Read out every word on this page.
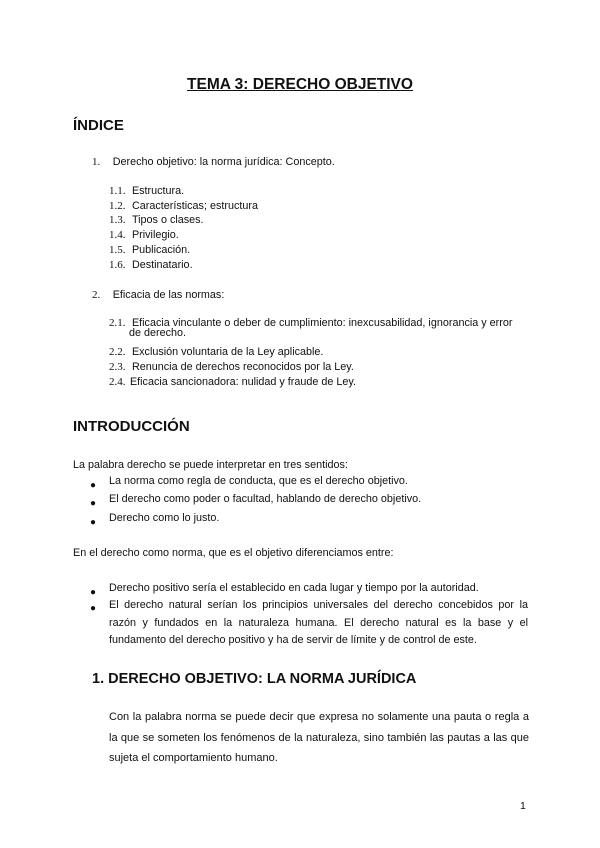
TEMA 3: DERECHO OBJETIVO
ÍNDICE
1. Derecho objetivo: la norma jurídica: Concepto.
1.1. Estructura.
1.2. Características; estructura
1.3. Tipos o clases.
1.4. Privilegio.
1.5. Publicación.
1.6. Destinatario.
2. Eficacia de las normas:
2.1. Eficacia vinculante o deber de cumplimiento: inexcusabilidad, ignorancia y error
de derecho.
2.2. Exclusión voluntaria de la Ley aplicable.
2.3. Renuncia de derechos reconocidos por la Ley.
2.4. Eficacia sancionadora: nulidad y fraude de Ley.
INTRODUCCIÓN
La palabra derecho se puede interpretar en tres sentidos:
● La norma como regla de conducta, que es el derecho objetivo.
● El derecho como poder o facultad, hablando de derecho objetivo.
● Derecho como lo justo.
En el derecho como norma, que es el objetivo diferenciamos entre:
● Derecho positivo sería el establecido en cada lugar y tiempo por la autoridad.
● El derecho natural serían los principios universales del derecho concebidos por la razón y fundados en la naturaleza humana. El derecho natural es la base y el fundamento del derecho positivo y ha de servir de límite y de control de este.
1. DERECHO OBJETIVO: LA NORMA JURÍDICA
Con la palabra norma se puede decir que expresa no solamente una pauta o regla a la que se someten los fenómenos de la naturaleza, sino también las pautas a las que sujeta el comportamiento humano.
1
